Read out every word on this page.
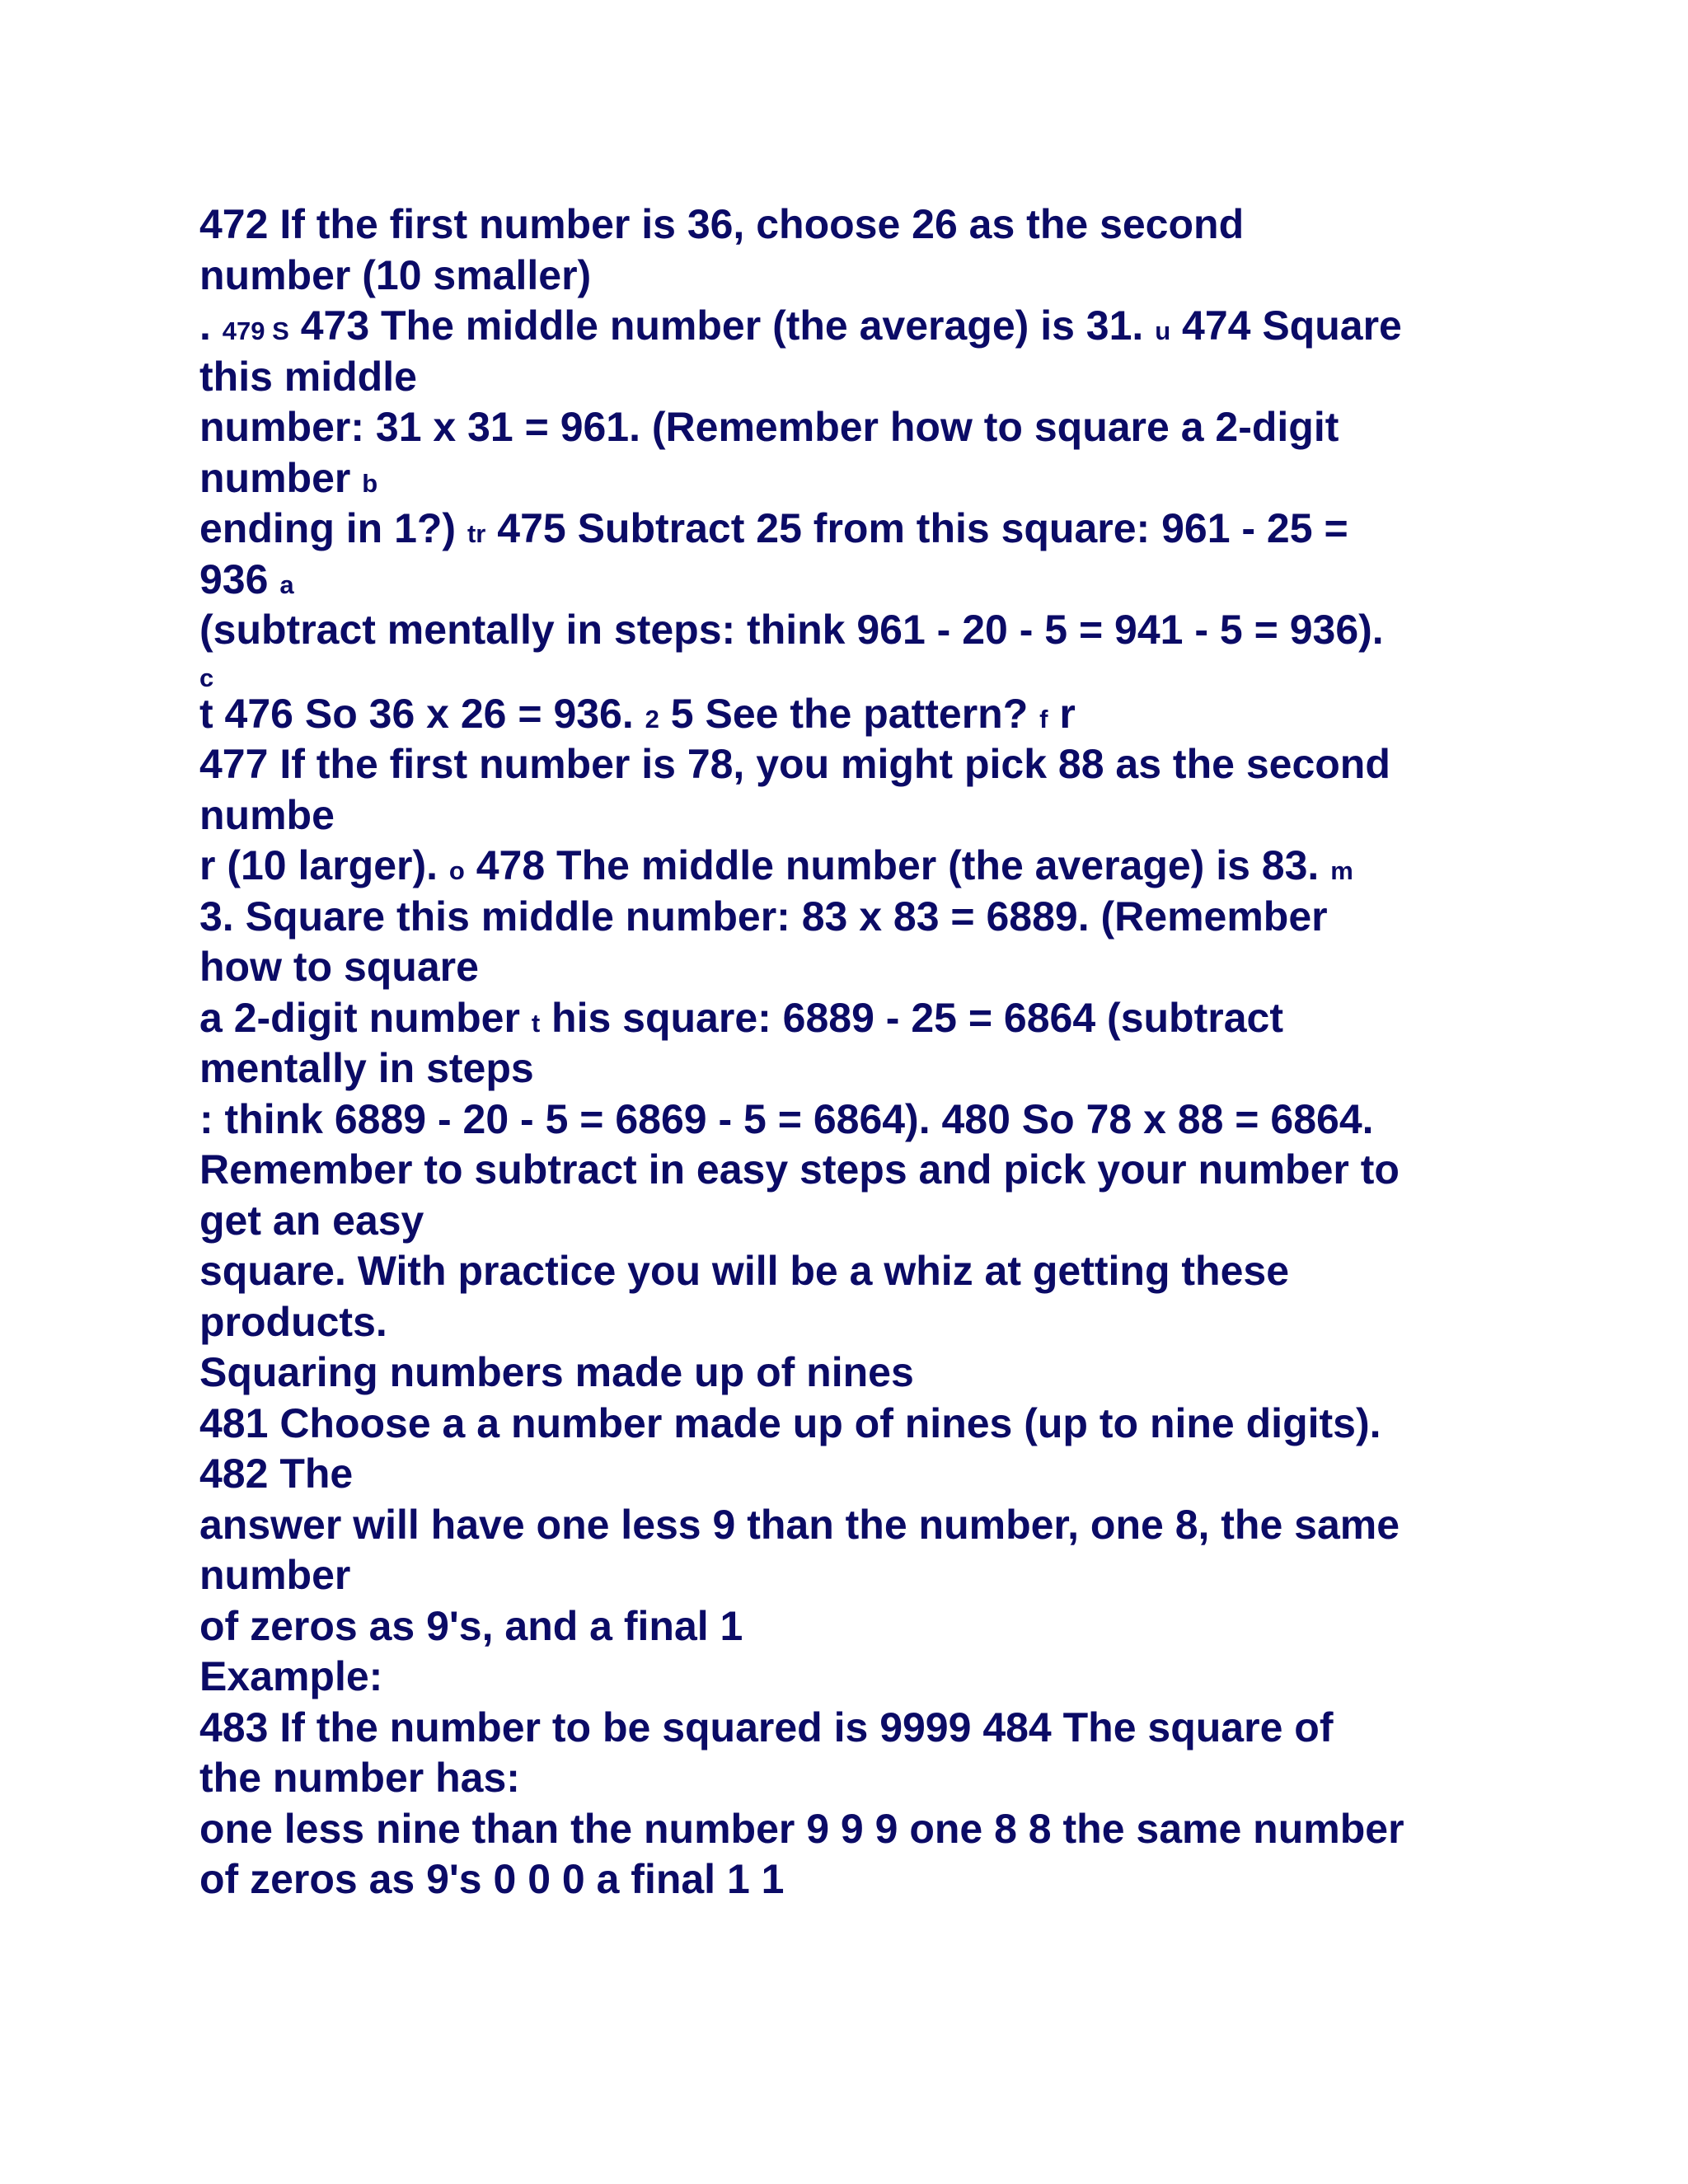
472 If the first number is 36, choose 26 as the second
number (10 smaller)
. 479 S 473 The middle number (the average) is 31. u 474 Square
this middle
number: 31 x 31 = 961. (Remember how to square a 2-digit
number b
ending in 1?) tr 475 Subtract 25 from this square: 961 - 25 =
936 a
(subtract mentally in steps: think 961 - 20 - 5 = 941 - 5 = 936).
c
t 476 So 36 x 26 = 936. 2 5 See the pattern? f r
477 If the first number is 78, you might pick 88 as the second
numbe
r (10 larger). o 478 The middle number (the average) is 83. m
3. Square this middle number: 83 x 83 = 6889. (Remember
how to square
a 2-digit number t his square: 6889 - 25 = 6864 (subtract
mentally in steps
: think 6889 - 20 - 5 = 6869 - 5 = 6864). 480 So 78 x 88 = 6864.
Remember to subtract in easy steps and pick your number to
get an easy
square. With practice you will be a whiz at getting these
products.
Squaring numbers made up of nines
481 Choose a a number made up of nines (up to nine digits).
482 The
answer will have one less 9 than the number, one 8, the same
number
of zeros as 9's, and a final 1
Example:
483 If the number to be squared is 9999 484 The square of
the number has:
one less nine than the number 9 9 9 one 8 8 the same number
of zeros as 9's 0 0 0 a final 1 1
